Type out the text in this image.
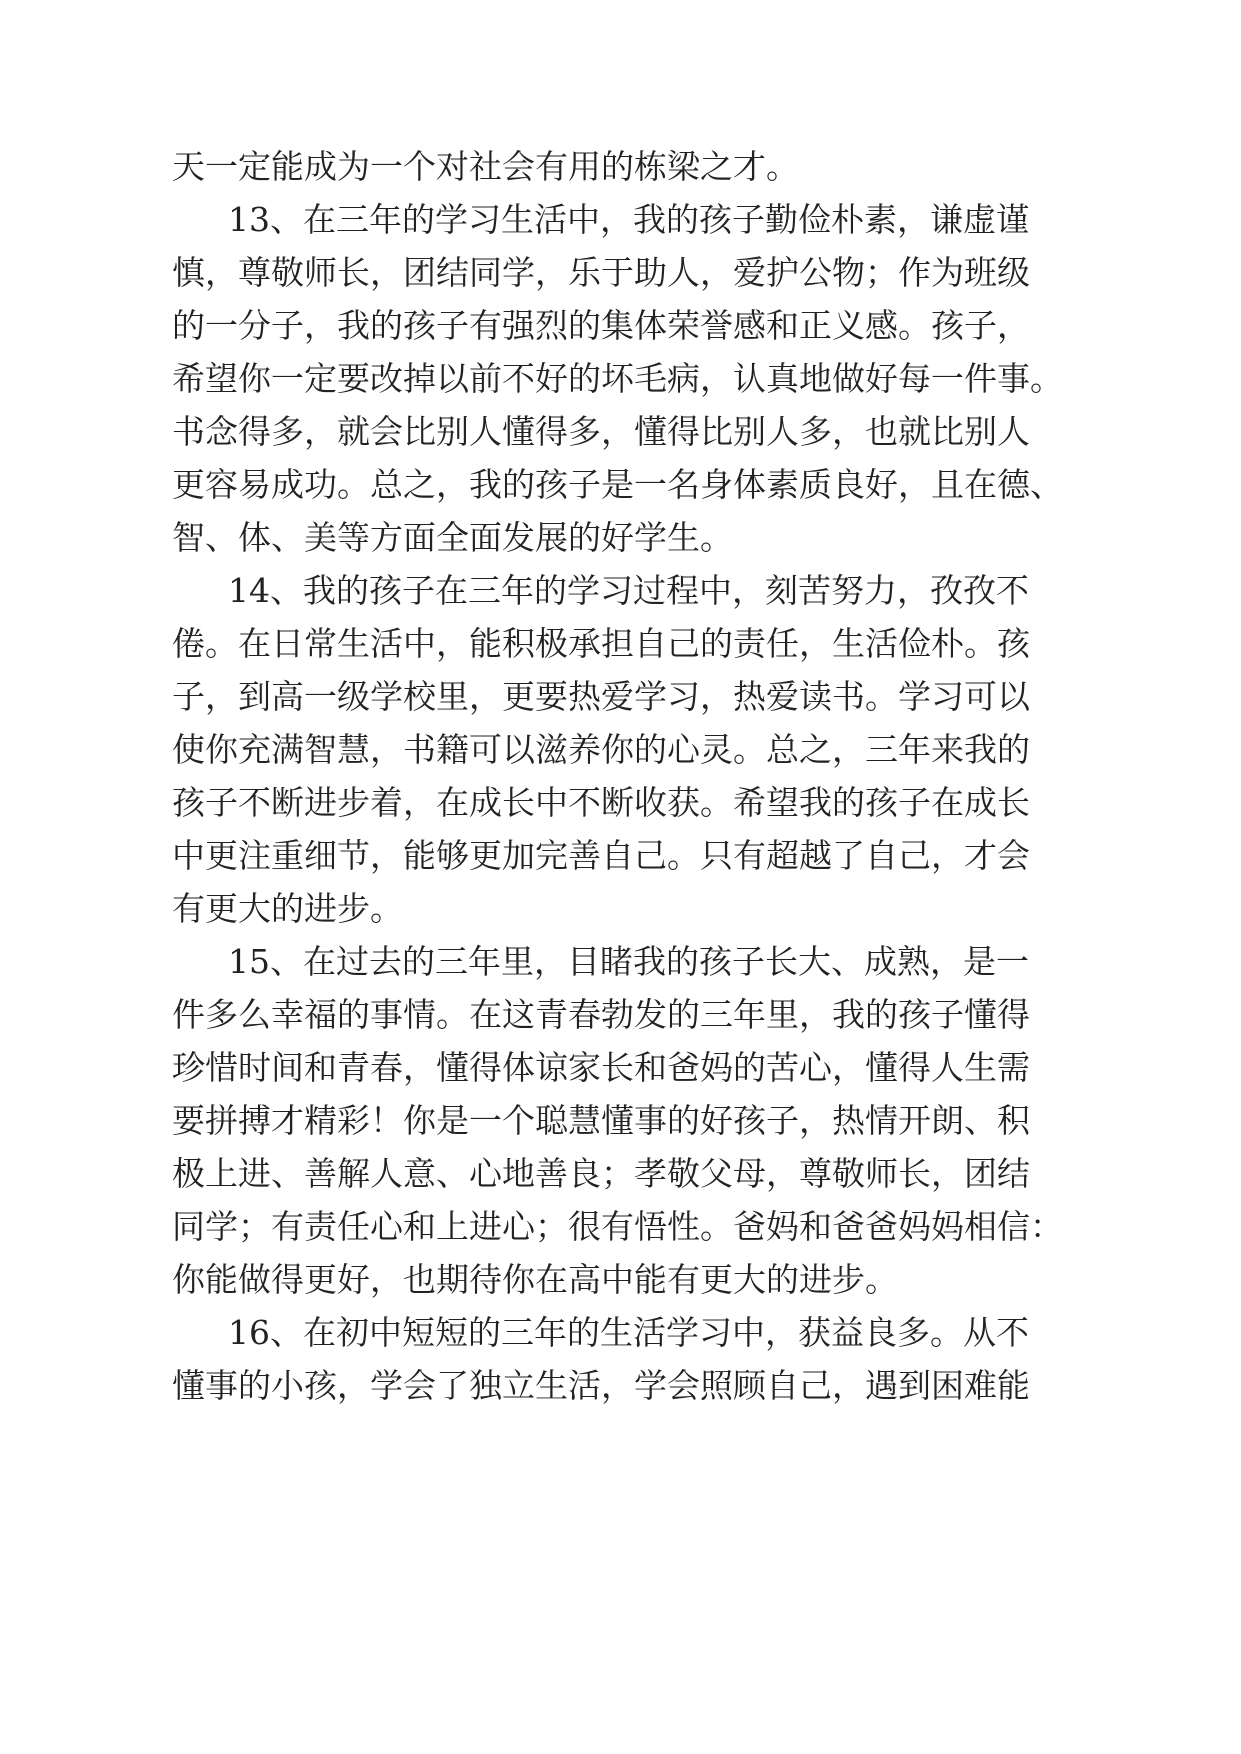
天一定能成为一个对社会有用的栋梁之才。
13、在三年的学习生活中，我的孩子勤俭朴素，谦虚谨
慎，尊敬师长，团结同学，乐于助人，爱护公物；作为班级
的一分子，我的孩子有强烈的集体荣誉感和正义感。孩子，
希望你一定要改掉以前不好的坏毛病，认真地做好每一件事。
书念得多，就会比别人懂得多，懂得比别人多，也就比别人
更容易成功。总之，我的孩子是一名身体素质良好，且在德、
智、体、美等方面全面发展的好学生。
14、我的孩子在三年的学习过程中，刻苦努力，孜孜不
倦。在日常生活中，能积极承担自己的责任，生活俭朴。孩
子，到高一级学校里，更要热爱学习，热爱读书。学习可以
使你充满智慧，书籍可以滋养你的心灵。总之，三年来我的
孩子不断进步着，在成长中不断收获。希望我的孩子在成长
中更注重细节，能够更加完善自己。只有超越了自己，才会
有更大的进步。
15、在过去的三年里，目睹我的孩子长大、成熟，是一
件多么幸福的事情。在这青春勃发的三年里，我的孩子懂得
珍惜时间和青春，懂得体谅家长和爸妈的苦心，懂得人生需
要拼搏才精彩！你是一个聪慧懂事的好孩子，热情开朗、积
极上进、善解人意、心地善良；孝敬父母，尊敬师长，团结
同学；有责任心和上进心；很有悟性。爸妈和爸爸妈妈相信：
你能做得更好，也期待你在高中能有更大的进步。
16、在初中短短的三年的生活学习中，获益良多。从不
懂事的小孩，学会了独立生活，学会照顾自己，遇到困难能
